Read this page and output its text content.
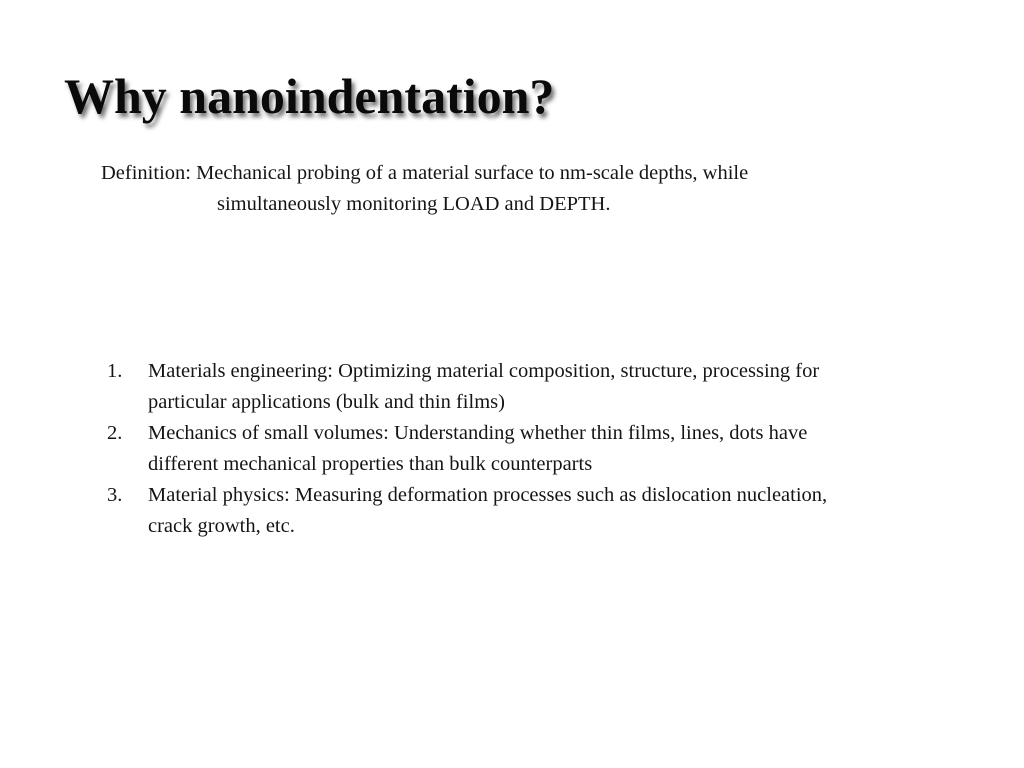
Why nanoindentation?
Definition: Mechanical probing of a material surface to nm-scale depths, while
simultaneously monitoring LOAD and DEPTH.
1. Materials engineering: Optimizing material composition, structure, processing for
particular applications (bulk and thin films)
2. Mechanics of small volumes: Understanding whether thin films, lines, dots have
different mechanical properties than bulk counterparts
3. Material physics: Measuring deformation processes such as dislocation nucleation,
crack growth, etc.
